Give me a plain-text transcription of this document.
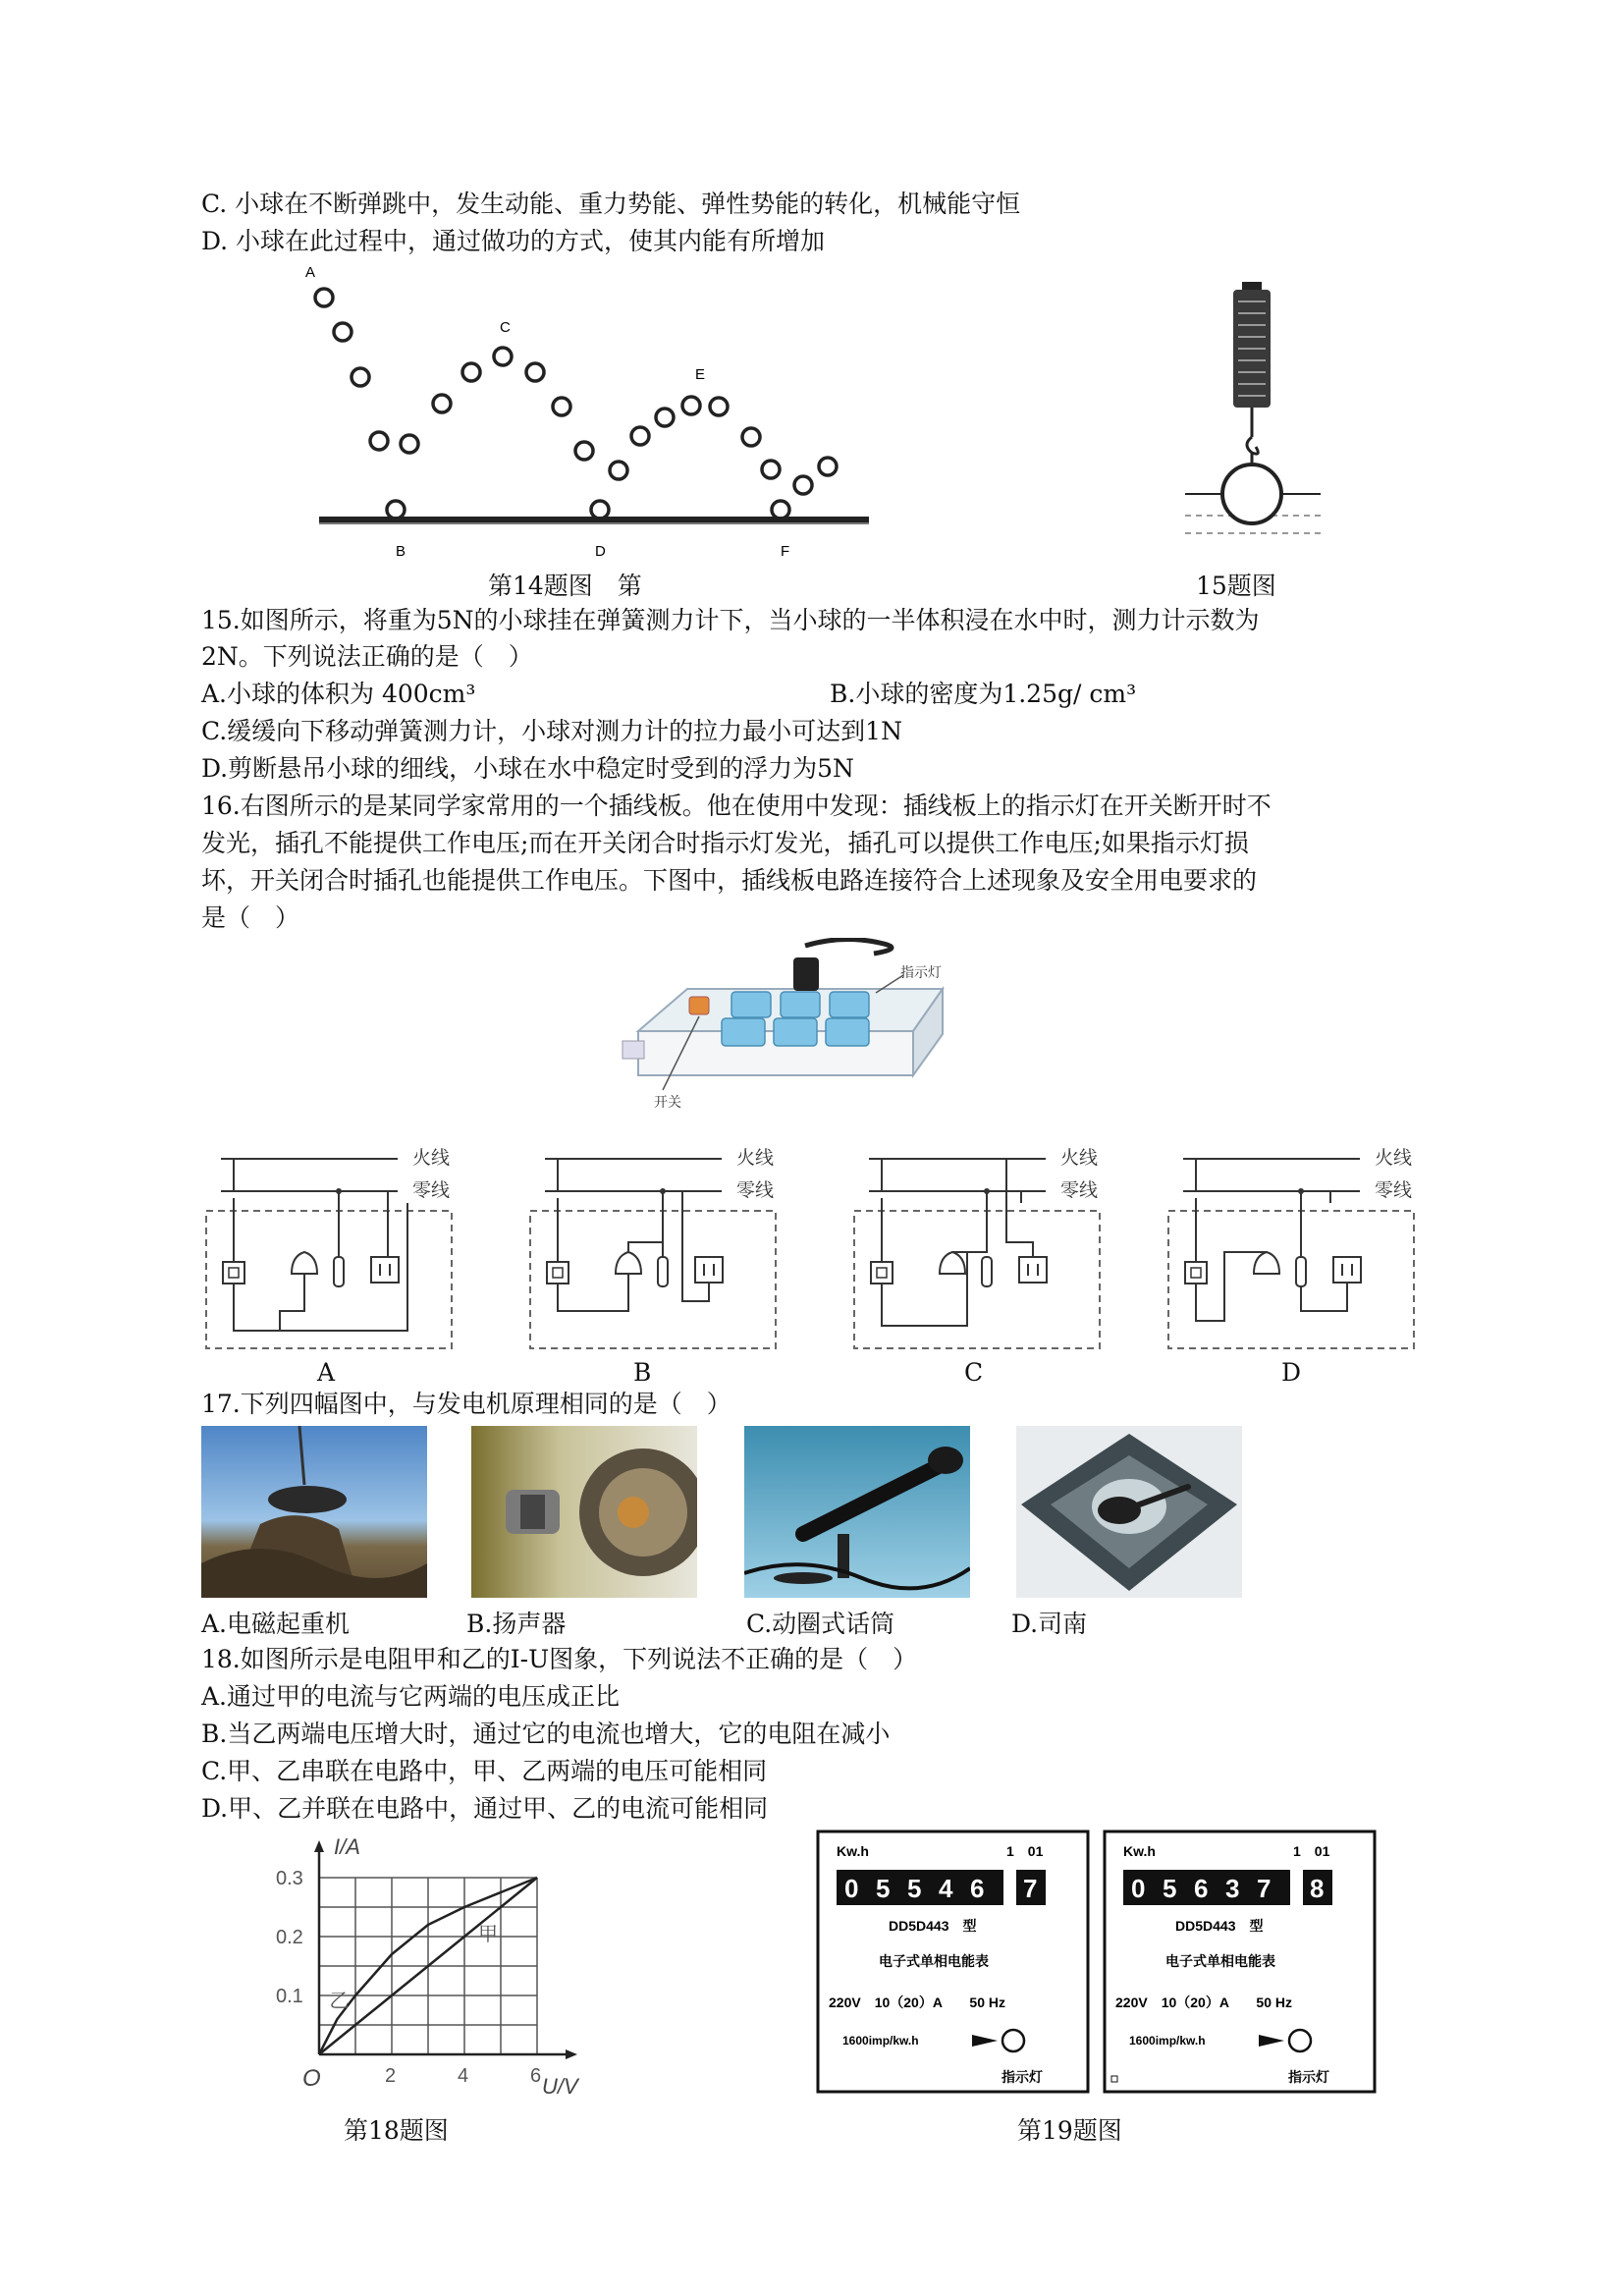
C. 小球在不断弹跳中，发生动能、重力势能、弹性势能的转化，机械能守恒
D. 小球在此过程中，通过做功的方式，使其内能有所增加
A
B
C
D
E
F
第14题图　第	15题图
15.如图所示，将重为5N的小球挂在弹簧测力计下，当小球的一半体积浸在水中时，测力计示数为
2N。下列说法正确的是（　）
A.小球的体积为 400cm³	B.小球的密度为1.25g/ cm³
C.缓缓向下移动弹簧测力计，小球对测力计的拉力最小可达到1N
D.剪断悬吊小球的细线，小球在水中稳定时受到的浮力为5N
16.右图所示的是某同学家常用的一个插线板。他在使用中发现：插线板上的指示灯在开关断开时不
发光，插孔不能提供工作电压;而在开关闭合时指示灯发光，插孔可以提供工作电压;如果指示灯损
坏，开关闭合时插孔也能提供工作电压。下图中，插线板电路连接符合上述现象及安全用电要求的
是（　）
指示灯
开关
火线
零线
火线
零线
火线
零线
火线
零线
A	B	C	D
17.下列四幅图中，与发电机原理相同的是（　）
A.电磁起重机	B.扬声器	C.动圈式话筒	D.司南
18.如图所示是电阻甲和乙的I-U图象，下列说法不正确的是（　）
A.通过甲的电流与它两端的电压成正比
B.当乙两端电压增大时，通过它的电流也增大，它的电阻在减小
C.甲、乙串联在电路中，甲、乙两端的电压可能相同
D.甲、乙并联在电路中，通过甲、乙的电流可能相同
I/A
U/V
O	2	4	6
0.1
0.2
0.3
甲
乙
第18题图
Kw.h	1　01
0 5 5 4 6 7
DD5D443　型
电子式单相电能表
220V　10（20）A　　50 Hz
1600imp/kw.h
指示灯
Kw.h	1　01
0 5 6 3 7 8
DD5D443　型
电子式单相电能表
220V　10（20）A　　50 Hz
1600imp/kw.h
指示灯
第19题图
